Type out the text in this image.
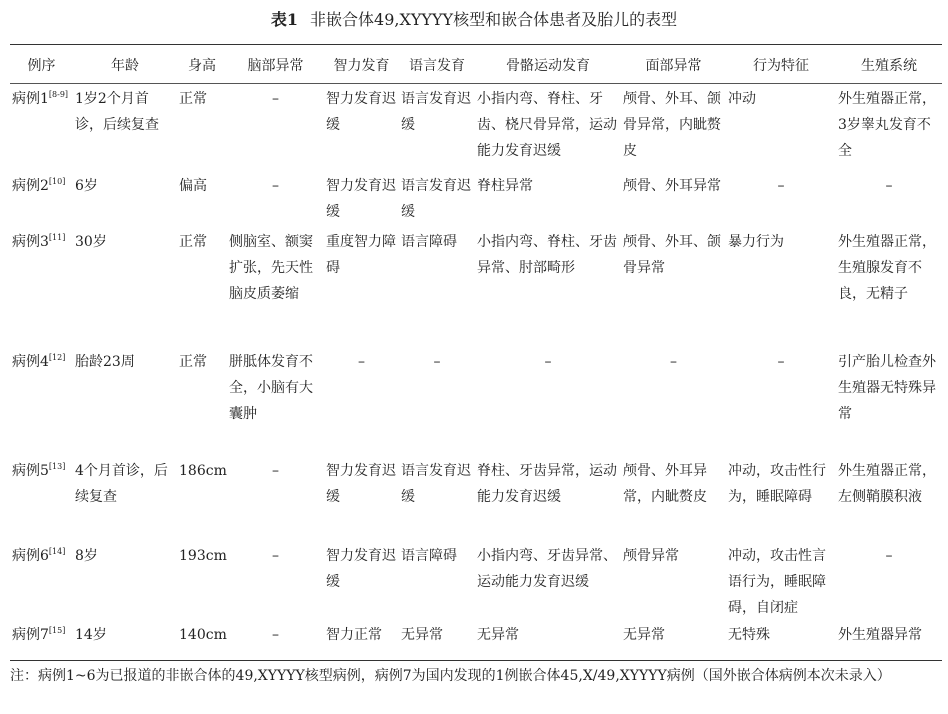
表1 非嵌合体49,XYYYY核型和嵌合体患者及胎儿的表型
例序	年龄	身高	脑部异常	智力发育	语言发育	骨骼运动发育	面部异常	行为特征	生殖系统
病例1[8-9]	1岁2个月首诊，后续复查	正常	–	智力发育迟缓	语言发育迟缓	小指内弯、脊柱、牙齿、桡尺骨异常，运动能力发育迟缓	颅骨、外耳、颌骨异常，内眦赘皮	冲动	外生殖器正常，3岁睾丸发育不全
病例2[10]	6岁	偏高	–	智力发育迟缓	语言发育迟缓	脊柱异常	颅骨、外耳异常	–	–
病例3[11]	30岁	正常	侧脑室、额窦扩张，先天性脑皮质萎缩	重度智力障碍	语言障碍	小指内弯、脊柱、牙齿异常、肘部畸形	颅骨、外耳、颌骨异常	暴力行为	外生殖器正常，生殖腺发育不良，无精子
病例4[12]	胎龄23周	正常	胼胝体发育不全，小脑有大囊肿	–	–	–	–	–	引产胎儿检查外生殖器无特殊异常
病例5[13]	4个月首诊，后续复查	186cm	–	智力发育迟缓	语言发育迟缓	脊柱、牙齿异常，运动能力发育迟缓	颅骨、外耳异常，内眦赘皮	冲动，攻击性行为，睡眠障碍	外生殖器正常，左侧鞘膜积液
病例6[14]	8岁	193cm	–	智力发育迟缓	语言障碍	小指内弯、牙齿异常、运动能力发育迟缓	颅骨异常	冲动，攻击性言语行为，睡眠障碍，自闭症	–
病例7[15]	14岁	140cm	–	智力正常	无异常	无异常	无异常	无特殊	外生殖器异常
注：病例1~6为已报道的非嵌合体的49,XYYYY核型病例，病例7为国内发现的1例嵌合体45,X/49,XYYYY病例（国外嵌合体病例本次未录入）
